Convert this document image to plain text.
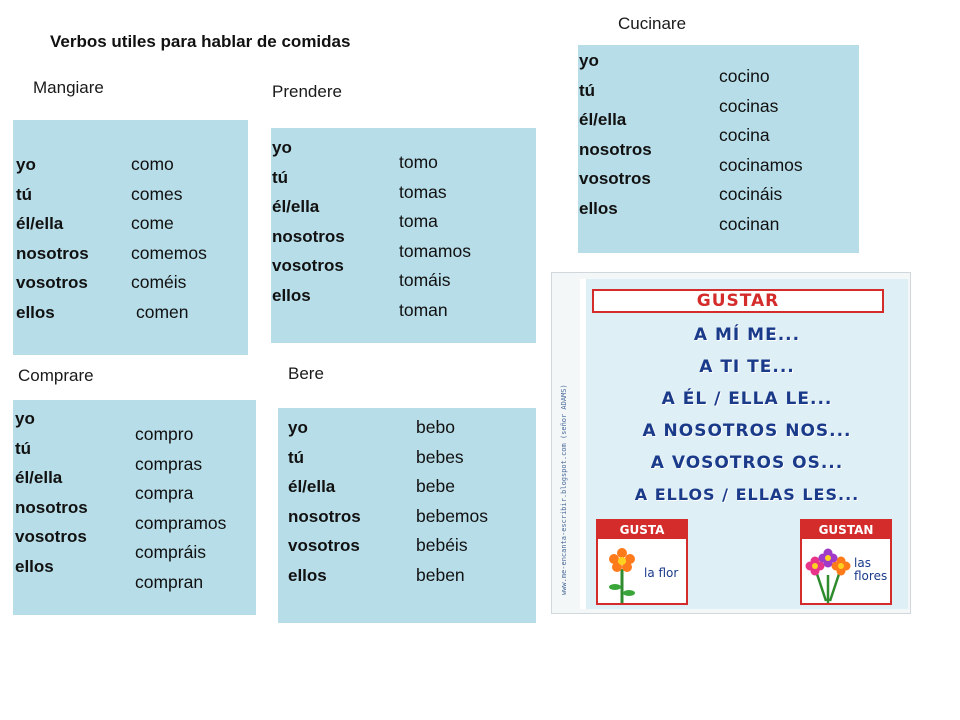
Verbos utiles para hablar de comidas
Mangiare
yo
tú
él/ella
nosotros
vosotros
ellos
como
comes
come
comemos
coméis
comen
Prendere
yo
tú
él/ella
nosotros
vosotros
ellos
tomo
tomas
toma
tomamos
tomáis
toman
Cucinare
yo
tú
él/ella
nosotros
vosotros
ellos
cocino
cocinas
cocina
cocinamos
cocináis
cocinan
Comprare
yo
tú
él/ella
nosotros
vosotros
ellos
compro
compras
compra
compramos
compráis
compran
Bere
yo
tú
él/ella
nosotros
vosotros
ellos
bebo
bebes
bebe
bebemos
bebéis
beben	www.me-encanta-escribir.blogspot.com (señor ADAMS)
GUSTAR
A MÍ ME...
A TI TE...
A ÉL / ELLA LE...
A NOSOTROS NOS...
A VOSOTROS OS...
A ELLOS / ELLAS LES...
GUSTA
la flor
GUSTAN
las
flores
